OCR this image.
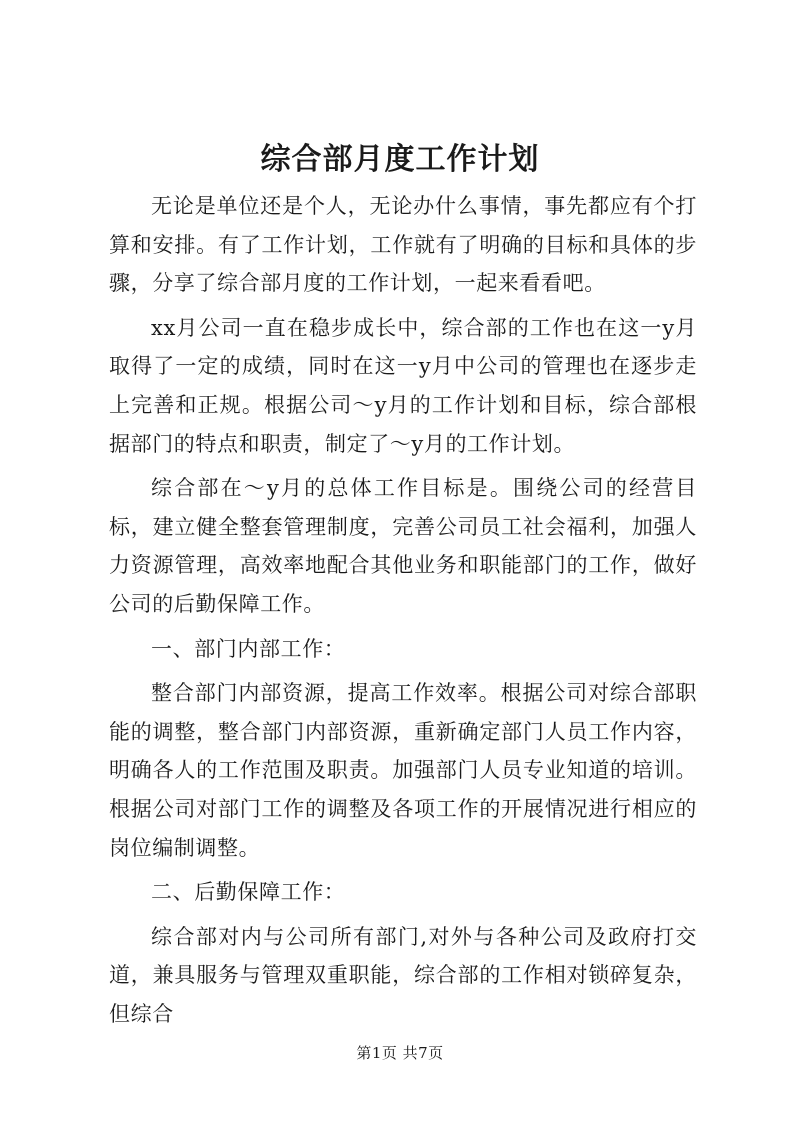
综合部月度工作计划

无论是单位还是个人，无论办什么事情，事先都应有个打算和安排。有了工作计划，工作就有了明确的目标和具体的步骤，分享了综合部月度的工作计划，一起来看看吧。

xx月公司一直在稳步成长中，综合部的工作也在这一y月取得了一定的成绩，同时在这一y月中公司的管理也在逐步走上完善和正规。根据公司～y月的工作计划和目标，综合部根据部门的特点和职责，制定了～y月的工作计划。

综合部在～y月的总体工作目标是。围绕公司的经营目标，建立健全整套管理制度，完善公司员工社会福利，加强人力资源管理，高效率地配合其他业务和职能部门的工作，做好公司的后勤保障工作。

一、部门内部工作：

整合部门内部资源，提高工作效率。根据公司对综合部职能的调整，整合部门内部资源，重新确定部门人员工作内容，明确各人的工作范围及职责。加强部门人员专业知道的培训。根据公司对部门工作的调整及各项工作的开展情况进行相应的岗位编制调整。

二、后勤保障工作：

综合部对内与公司所有部门,对外与各种公司及政府打交道，兼具服务与管理双重职能，综合部的工作相对锁碎复杂，但综合

第1页 共7页
